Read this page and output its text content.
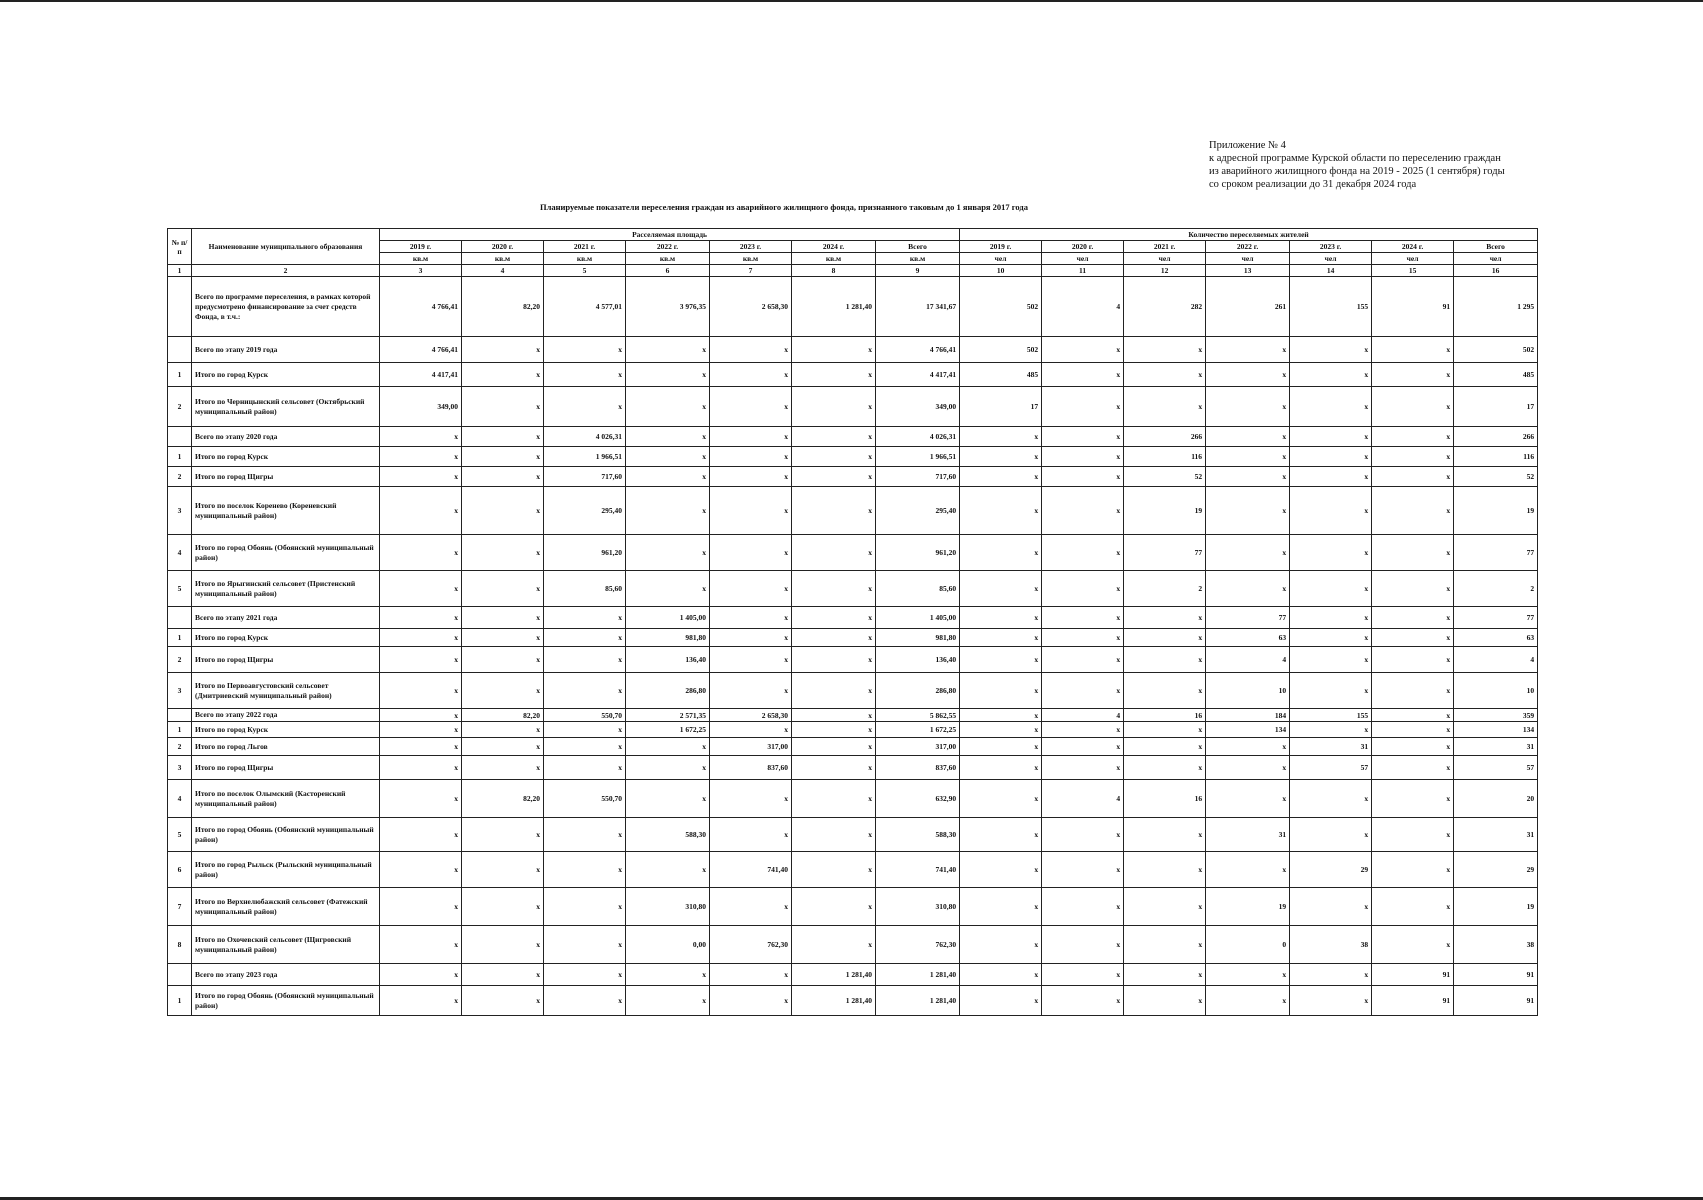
Приложение № 4
к адресной программе Курской области по переселению граждан
из аварийного жилищного фонда на 2019 - 2025 (1 сентября) годы
со сроком реализации до 31 декабря 2024 года
Планируемые показатели переселения граждан из аварийного жилищного фонда, признанного таковым до 1 января 2017 года
№ п/п	Наименование муниципального образования	Расселяемая площадь							Количество переселяемых жителей						
		2019 г.	2020 г.	2021 г.	2022 г.	2023 г.	2024 г.	Всего	2019 г.	2020 г.	2021 г.	2022 г.	2023 г.	2024 г.	Всего
		кв.м	кв.м	кв.м	кв.м	кв.м	кв.м	кв.м	чел	чел	чел	чел	чел	чел	чел
1	2	3	4	5	6	7	8	9	10	11	12	13	14	15	16
	Всего по программе переселения, в рамках которой предусмотрено финансирование за счет средств Фонда, в т.ч.:	4 766,41	82,20	4 577,01	3 976,35	2 658,30	1 281,40	17 341,67	502	4	282	261	155	91	1 295
	Всего по этапу 2019 года	4 766,41	x	x	x	x	x	4 766,41	502	x	x	x	x	x	502
1	Итого по город Курск	4 417,41	x	x	x	x	x	4 417,41	485	x	x	x	x	x	485
2	Итого по Черницынский сельсовет (Октябрьский муниципальный район)	349,00	x	x	x	x	x	349,00	17	x	x	x	x	x	17
	Всего по этапу 2020 года	x	x	4 026,31	x	x	x	4 026,31	x	x	266	x	x	x	266
1	Итого по город Курск	x	x	1 966,51	x	x	x	1 966,51	x	x	116	x	x	x	116
2	Итого по город Щигры	x	x	717,60	x	x	x	717,60	x	x	52	x	x	x	52
3	Итого по поселок Коренево (Кореневский муниципальный район)	x	x	295,40	x	x	x	295,40	x	x	19	x	x	x	19
4	Итого по город Обоянь (Обоянский муниципальный район)	x	x	961,20	x	x	x	961,20	x	x	77	x	x	x	77
5	Итого по Ярыгинский сельсовет (Пристенский муниципальный район)	x	x	85,60	x	x	x	85,60	x	x	2	x	x	x	2
	Всего по этапу 2021 года	x	x	x	1 405,00	x	x	1 405,00	x	x	x	77	x	x	77
1	Итого по город Курск	x	x	x	981,80	x	x	981,80	x	x	x	63	x	x	63
2	Итого по город Щигры	x	x	x	136,40	x	x	136,40	x	x	x	4	x	x	4
3	Итого по Первоавгустовский сельсовет (Дмитриевский муниципальный район)	x	x	x	286,80	x	x	286,80	x	x	x	10	x	x	10
	Всего по этапу 2022 года	x	82,20	550,70	2 571,35	2 658,30	x	5 862,55	x	4	16	184	155	x	359
1	Итого по город Курск	x	x	x	1 672,25	x	x	1 672,25	x	x	x	134	x	x	134
2	Итого по город Льгов	x	x	x	x	317,00	x	317,00	x	x	x	x	31	x	31
3	Итого по город Щигры	x	x	x	x	837,60	x	837,60	x	x	x	x	57	x	57
4	Итого по поселок Олымский (Касторенский муниципальный район)	x	82,20	550,70	x	x	x	632,90	x	4	16	x	x	x	20
5	Итого по город Обоянь (Обоянский муниципальный район)	x	x	x	588,30	x	x	588,30	x	x	x	31	x	x	31
6	Итого по город Рыльск (Рыльский муниципальный район)	x	x	x	x	741,40	x	741,40	x	x	x	x	29	x	29
7	Итого по Верхнелюбажский сельсовет (Фатежский муниципальный район)	x	x	x	310,80	x	x	310,80	x	x	x	19	x	x	19
8	Итого по Охочевский сельсовет (Щигровский муниципальный район)	x	x	x	0,00	762,30	x	762,30	x	x	x	0	38	x	38
	Всего по этапу 2023 года	x	x	x	x	x	1 281,40	1 281,40	x	x	x	x	x	91	91
1	Итого по город Обоянь (Обоянский муниципальный район)	x	x	x	x	x	1 281,40	1 281,40	x	x	x	x	x	91	91
